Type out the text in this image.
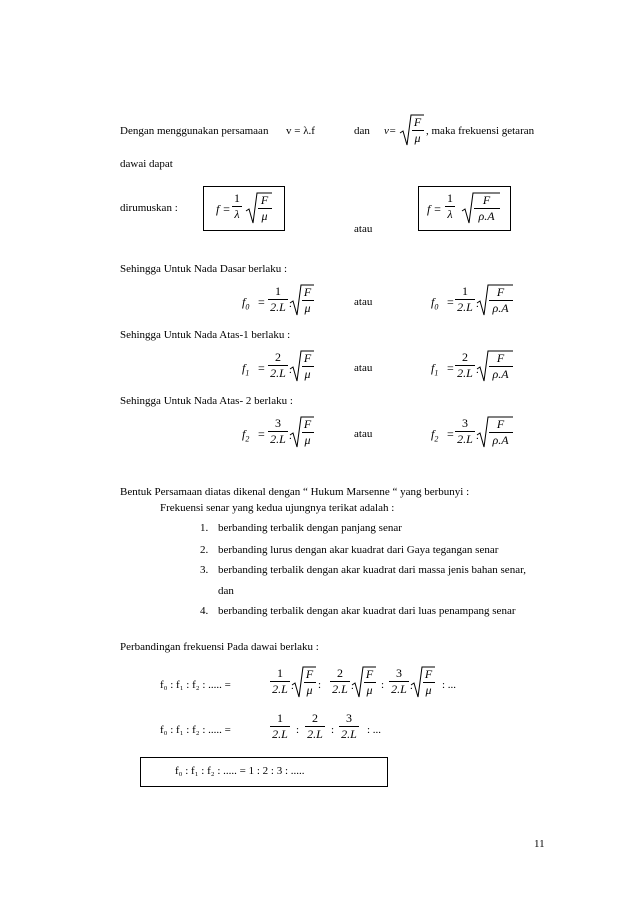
Dengan menggunakan persamaan v = λ.f	dan v=
F
μ , maka frekuensi getaran
dawai dapat
dirumuskan :	$f = \frac{1}{\lambda}$	F
μ
atau
$f = \frac{1}{\lambda}$	F
ρ.A
Sehingga Untuk Nada Dasar berlaku :
$f_0 = \frac{1}{2.L}$ .
F
μ	atau	$f_0 = \frac{1}{2.L}$ .
F
ρ.A
Sehingga Untuk Nada Atas-1 berlaku :
$f_1 = \frac{2}{2.L}$ .
F
μ	atau	$f_1 = \frac{2}{2.L}$ .
F
ρ.A
Sehingga Untuk Nada Atas- 2 berlaku :
$f_2 = \frac{3}{2.L}$ .
F
μ	atau	$f_2 = \frac{3}{2.L}$ .
F
ρ.A
Bentuk Persamaan diatas dikenal dengan “ Hukum Marsenne “ yang berbunyi :
Frekuensi senar yang kedua ujungnya terikat adalah :
1. berbanding terbalik dengan panjang senar
2. berbanding lurus dengan akar kuadrat dari Gaya tegangan senar
3. berbanding terbalik dengan akar kuadrat dari massa jenis bahan senar,
dan
4. berbanding terbalik dengan akar kuadrat dari luas penampang senar
Perbandingan frekuensi Pada dawai berlaku :
f₀ : f₁ : f₂ : ..... =	$\frac{1}{2.L}$ .
F
μ : $\frac{2}{2.L}$ .
F
μ : $\frac{3}{2.L}$ .
F
μ : ...
f₀ : f₁ : f₂ : ..... =	$\frac{1}{2.L}$ : $\frac{2}{2.L}$ : $\frac{3}{2.L}$ : ...
f₀ : f₁ : f₂ : ..... = 1 : 2 : 3 : .....
11
